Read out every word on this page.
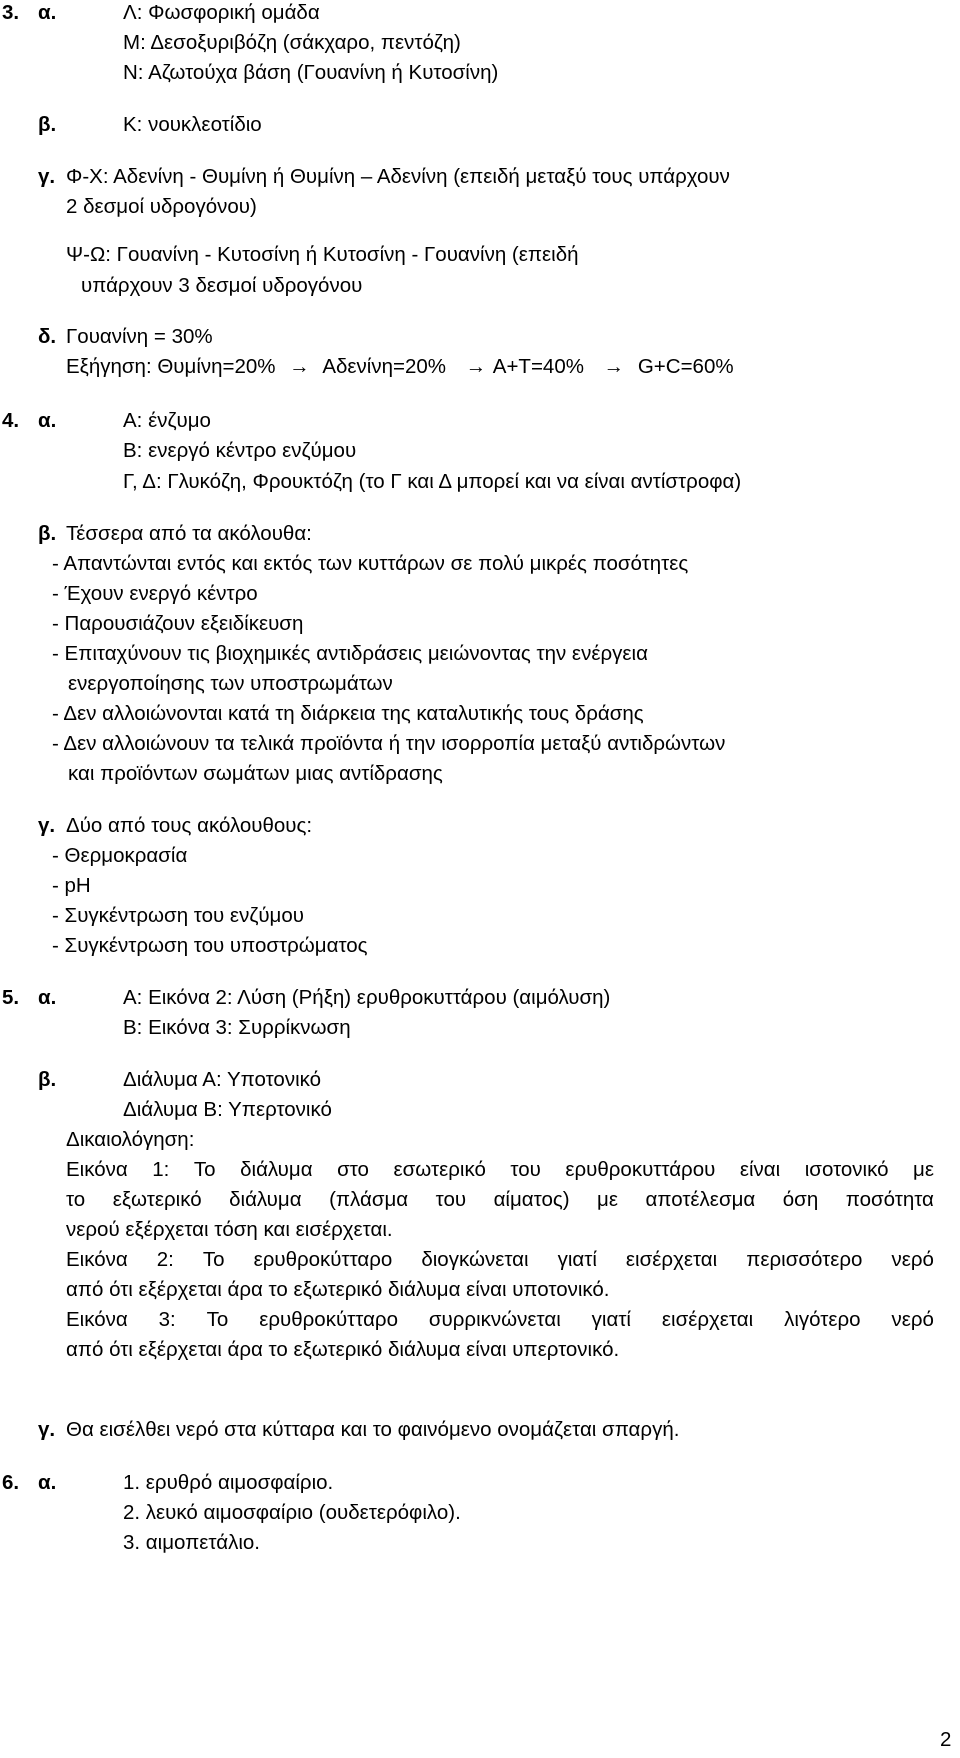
3. α.	Λ: Φωσφορική ομάδα
Μ: Δεσοξυριβόζη (σάκχαρο, πεντόζη)
Ν: Αζωτούχα βάση (Γουανίνη ή Κυτοσίνη)
β.	Κ: νουκλεοτίδιο
γ. Φ-Χ: Αδενίνη - Θυμίνη ή Θυμίνη – Αδενίνη (επειδή μεταξύ τους υπάρχουν
2 δεσμοί υδρογόνου)
Ψ-Ω: Γουανίνη - Κυτοσίνη ή Κυτοσίνη - Γουανίνη (επειδή
υπάρχουν 3 δεσμοί υδρογόνου
δ. Γουανίνη = 30%
Εξήγηση: Θυμίνη=20% → Αδενίνη=20% → Α+Τ=40% → G+C=60%
4. α.	Α: ένζυμο
Β: ενεργό κέντρο ενζύμου
Γ, Δ: Γλυκόζη, Φρουκτόζη (το Γ και Δ μπορεί και να είναι αντίστροφα)
β. Τέσσερα από τα ακόλουθα:
- Απαντώνται εντός και εκτός των κυττάρων σε πολύ μικρές ποσότητες
- Έχουν ενεργό κέντρο
- Παρουσιάζουν εξειδίκευση
- Επιταχύνουν τις βιοχημικές αντιδράσεις μειώνοντας την ενέργεια
ενεργοποίησης των υποστρωμάτων
- Δεν αλλοιώνονται κατά τη διάρκεια της καταλυτικής τους δράσης
- Δεν αλλοιώνουν τα τελικά προϊόντα ή την ισορροπία μεταξύ αντιδρώντων
και προϊόντων σωμάτων μιας αντίδρασης
γ. Δύο από τους ακόλουθους:
- Θερμοκρασία
- pH
- Συγκέντρωση του ενζύμου
- Συγκέντρωση του υποστρώματος
5. α.	Α: Εικόνα 2: Λύση (Ρήξη) ερυθροκυττάρου (αιμόλυση)
Β: Εικόνα 3: Συρρίκνωση
β.	Διάλυμα Α: Υποτονικό
Διάλυμα Β: Υπερτονικό
Δικαιολόγηση:
Εικόνα 1: Το διάλυμα στο εσωτερικό του ερυθροκυττάρου είναι ισοτονικό με
το εξωτερικό διάλυμα (πλάσμα του αίματος) με αποτέλεσμα όση ποσότητα
νερού εξέρχεται τόση και εισέρχεται.
Εικόνα 2: Το ερυθροκύτταρο διογκώνεται γιατί εισέρχεται περισσότερο νερό
από ότι εξέρχεται άρα το εξωτερικό διάλυμα είναι υποτονικό.
Εικόνα 3: Το ερυθροκύτταρο συρρικνώνεται γιατί εισέρχεται λιγότερο νερό
από ότι εξέρχεται άρα το εξωτερικό διάλυμα είναι υπερτονικό.
γ. Θα εισέλθει νερό στα κύτταρα και το φαινόμενο ονομάζεται σπαργή.
6. α.	1. ερυθρό αιμοσφαίριο.
2. λευκό αιμοσφαίριο (ουδετερόφιλο).
3. αιμοπετάλιο.
2
